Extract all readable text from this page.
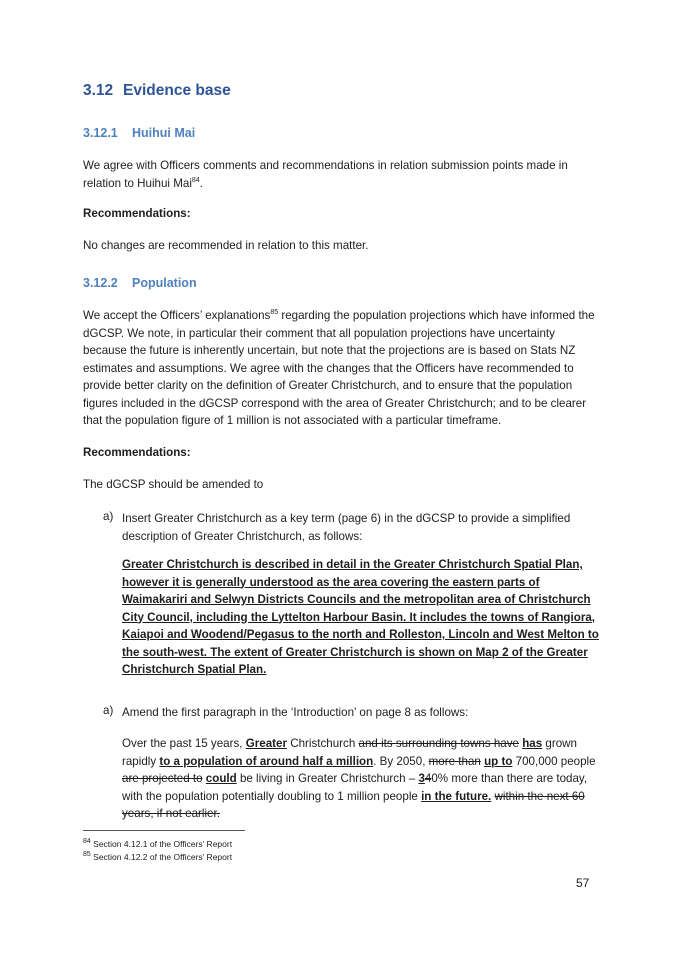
3.12 Evidence base
3.12.1 Huihui Mai
We agree with Officers comments and recommendations in relation submission points made in relation to Huihui Mai$^{84}$.
Recommendations:
No changes are recommended in relation to this matter.
3.12.2 Population
We accept the Officers’ explanations$^{85}$ regarding the population projections which have informed the dGCSP. We note, in particular their comment that all population projections have uncertainty because the future is inherently uncertain, but note that the projections are is based on Stats NZ estimates and assumptions. We agree with the changes that the Officers have recommended to provide better clarity on the definition of Greater Christchurch, and to ensure that the population figures included in the dGCSP correspond with the area of Greater Christchurch; and to be clearer that the population figure of 1 million is not associated with a particular timeframe.
Recommendations:
The dGCSP should be amended to
a) Insert Greater Christchurch as a key term (page 6) in the dGCSP to provide a simplified description of Greater Christchurch, as follows:
Greater Christchurch is described in detail in the Greater Christchurch Spatial Plan, however it is generally understood as the area covering the eastern parts of Waimakariri and Selwyn Districts Councils and the metropolitan area of Christchurch City Council, including the Lyttelton Harbour Basin. It includes the towns of Rangiora, Kaiapoi and Woodend/Pegasus to the north and Rolleston, Lincoln and West Melton to the south-west. The extent of Greater Christchurch is shown on Map 2 of the Greater Christchurch Spatial Plan.
a) Amend the first paragraph in the ‘Introduction’ on page 8 as follows:
Over the past 15 years, Greater Christchurch and its surrounding towns have has grown rapidly to a population of around half a million. By 2050, more than up to 700,000 people are projected to could be living in Greater Christchurch – 340% more than there are today, with the population potentially doubling to 1 million people in the future. within the next 60 years, if not earlier.
$^{84}$ Section 4.12.1 of the Officers’ Report
$^{85}$ Section 4.12.2 of the Officers’ Report
57
